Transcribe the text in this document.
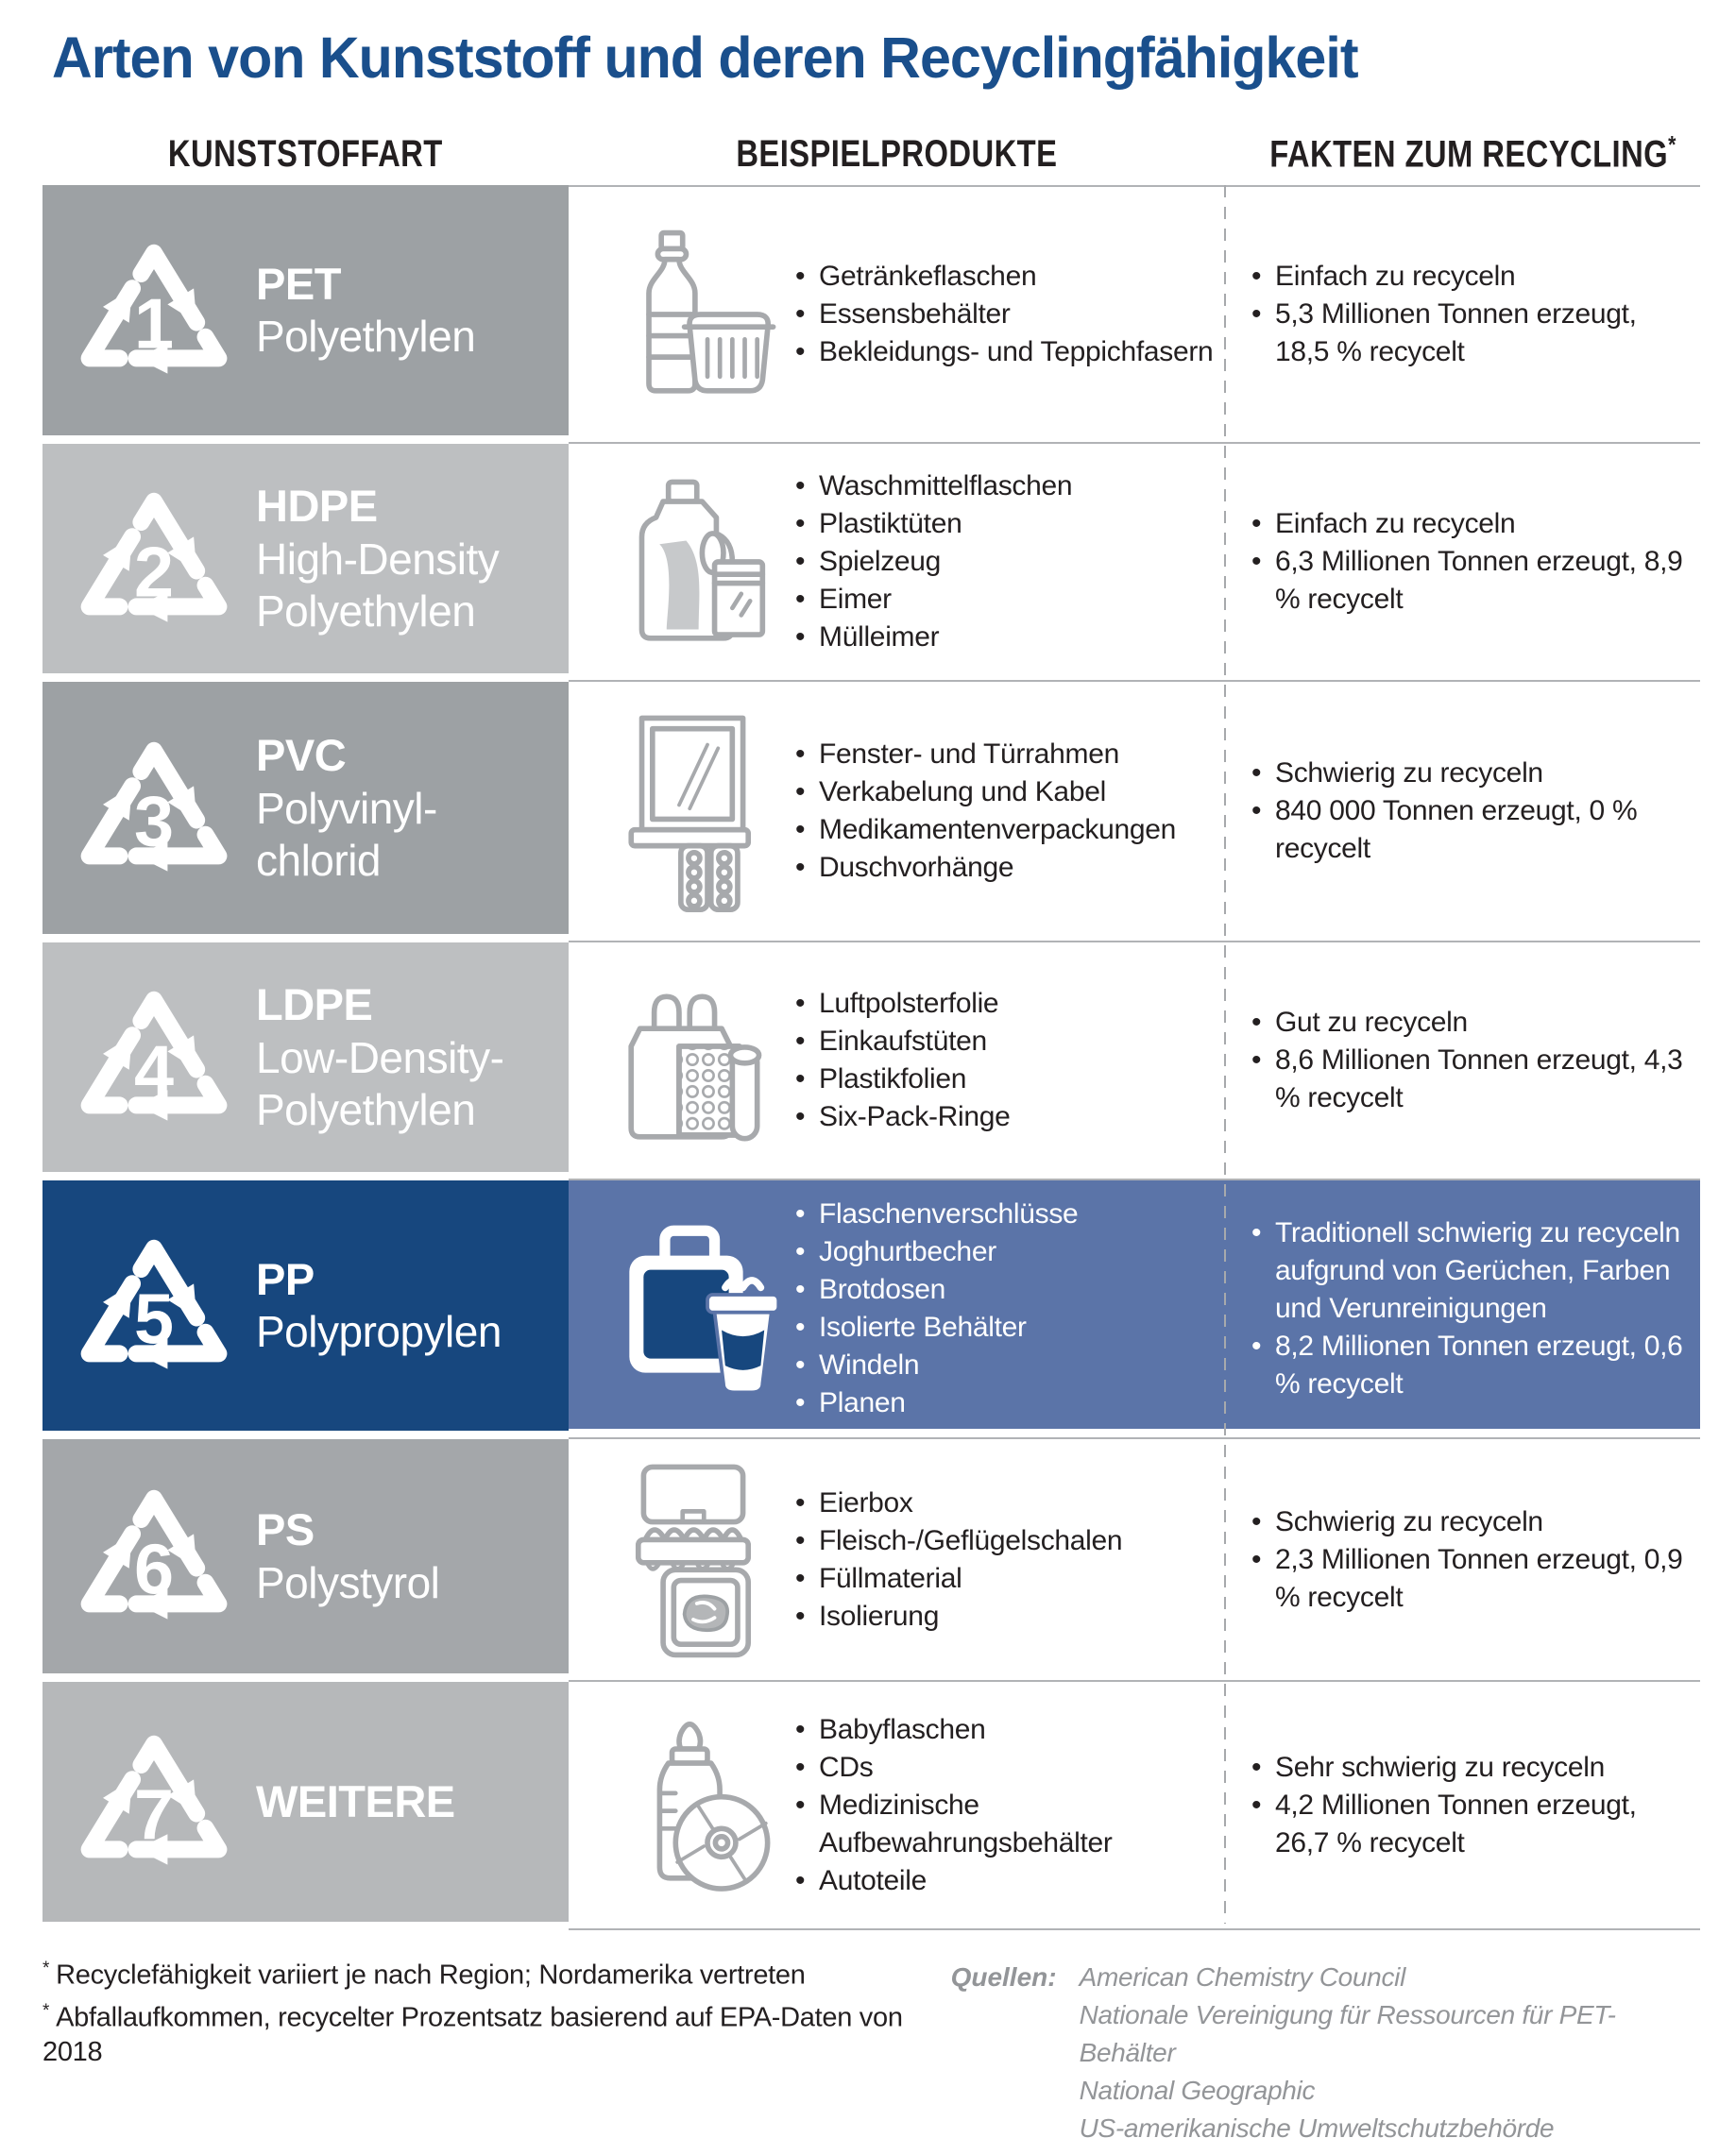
Arten von Kunststoff und deren Recyclingfähigkeit
KUNSTSTOFFART	BEISPIELPRODUKTE	FAKTEN ZUM RECYCLING*
1
PET
Polyethylen
• Getränkeflaschen
• Essensbehälter
• Bekleidungs- und Teppichfasern
• Einfach zu recyceln
• 5,3 Millionen Tonnen erzeugt, 18,5 % recycelt
2
HDPE
High-Density
Polyethylen
• Waschmittelflaschen
• Plastiktüten
• Spielzeug
• Eimer
• Mülleimer
• Einfach zu recyceln
• 6,3 Millionen Tonnen erzeugt, 8,9 % recycelt
3
PVC
Polyvinyl-
chlorid
• Fenster- und Türrahmen
• Verkabelung und Kabel
• Medikamentenverpackungen
• Duschvorhänge
• Schwierig zu recyceln
• 840 000 Tonnen erzeugt, 0 % recycelt
4
LDPE
Low-Density-
Polyethylen
• Luftpolsterfolie
• Einkaufstüten
• Plastikfolien
• Six-Pack-Ringe
• Gut zu recyceln
• 8,6 Millionen Tonnen erzeugt, 4,3 % recycelt
5
PP
Polypropylen
• Flaschenverschlüsse
• Joghurtbecher
• Brotdosen
• Isolierte Behälter
• Windeln
• Planen
• Traditionell schwierig zu recyceln aufgrund von Gerüchen, Farben und Verunreinigungen
• 8,2 Millionen Tonnen erzeugt, 0,6 % recycelt
6
PS
Polystyrol
• Eierbox
• Fleisch-/Geflügelschalen
• Füllmaterial
• Isolierung
• Schwierig zu recyceln
• 2,3 Millionen Tonnen erzeugt, 0,9 % recycelt
7 WEITERE
• Babyflaschen
• CDs
• Medizinische Aufbewahrungsbehälter
• Autoteile
• Sehr schwierig zu recyceln
• 4,2 Millionen Tonnen erzeugt, 26,7 % recycelt
* Recyclefähigkeit variiert je nach Region; Nordamerika vertreten
* Abfallaufkommen, recycelter Prozentsatz basierend auf EPA-Daten von 2018
Quellen: American Chemistry Council
Nationale Vereinigung für Ressourcen für PET-Behälter
National Geographic
US-amerikanische Umweltschutzbehörde
